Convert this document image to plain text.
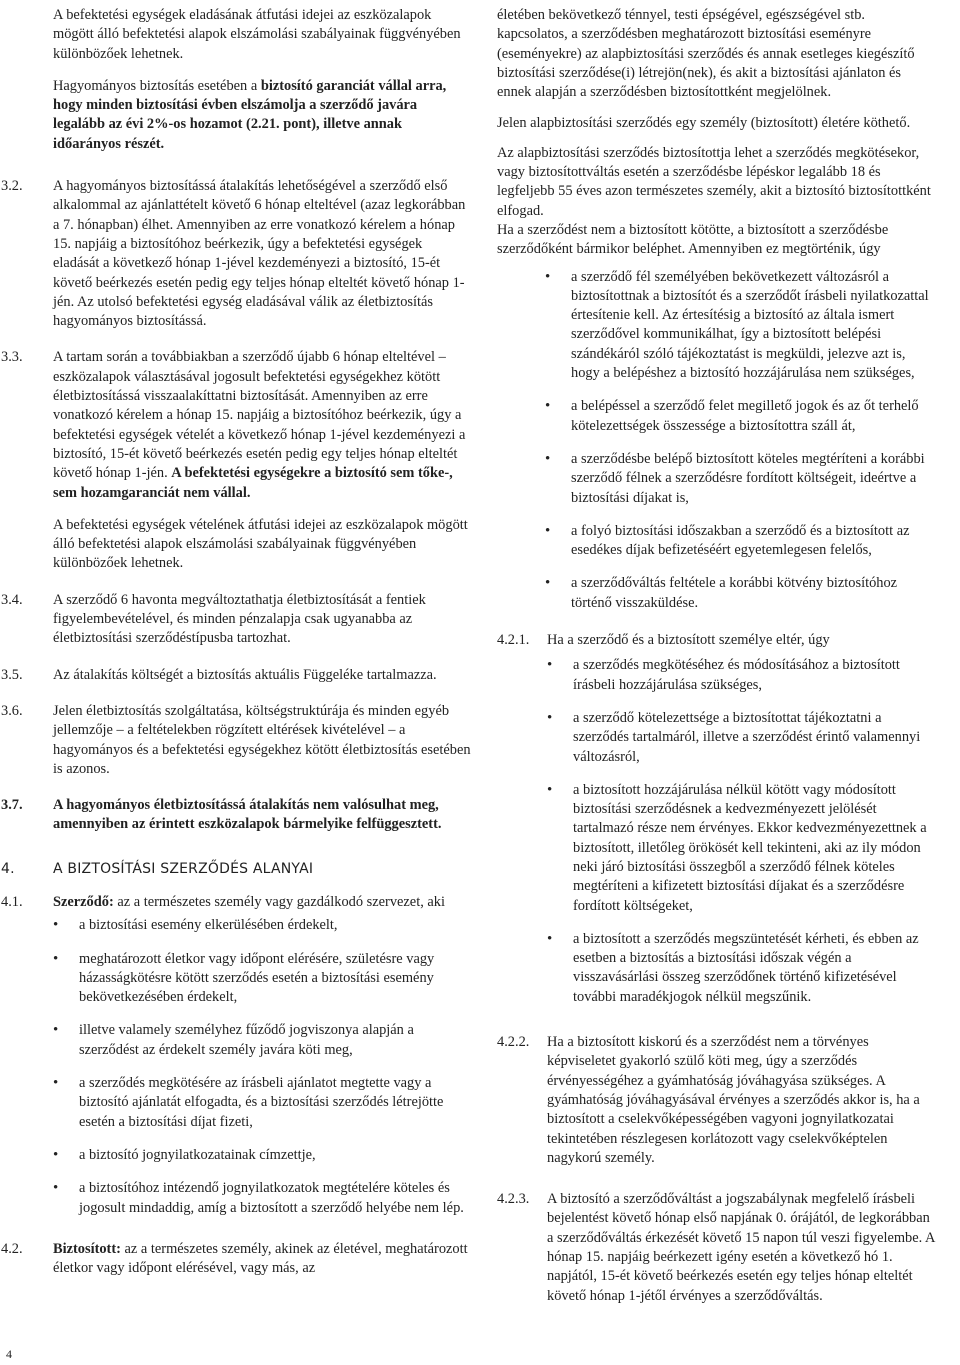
A befektetési egységek eladásának átfutási idejei az eszközalapok mögött álló befektetési alapok elszámolási szabályainak függvényében különbözőek lehetnek.

Hagyományos biztosítás esetében a biztosító garanciát vállal arra, hogy minden biztosítási évben elszámolja a szerződő javára legalább az évi 2%-os hozamot (2.21. pont), illetve annak időarányos részét.

3.2.	A hagyományos biztosítássá átalakítás lehetőségével a szerződő első alkalommal az ajánlattételt követő 6 hónap elteltével (azaz legkorábban a 7. hónapban) élhet. Amennyiben az erre vonatkozó kérelem a hónap 15. napjáig a biztosítóhoz beérkezik, úgy a befektetési egységek eladását a következő hónap 1-jével kezdeményezi a biztosító, 15-ét követő beérkezés esetén pedig egy teljes hónap elteltét követő hónap 1-jén. Az utolsó befektetési egység eladásával válik az életbiztosítás hagyományos biztosítássá.
3.3.	A tartam során a továbbiakban a szerződő újabb 6 hónap elteltével – eszközalapok választásával jogosult befektetési egységekhez kötött életbiztosítássá visszaalakíttatni biztosítását. Amennyiben az erre vonatkozó kérelem a hónap 15. napjáig a biztosítóhoz beérkezik, úgy a befektetési egységek vételét a következő hónap 1-jével kezdeményezi a biztosító, 15-ét követő beérkezés esetén pedig egy teljes hónap elteltét követő hónap 1-jén. A befektetési egységekre a biztosító sem tőke-, sem hozamgaranciát nem vállal.

A befektetési egységek vételének átfutási idejei az eszközalapok mögött álló befektetési alapok elszámolási szabályainak függvényében különbözőek lehetnek.

3.4.	A szerződő 6 havonta megváltoztathatja életbiztosítását a fentiek figyelembevételével, és minden pénzalapja csak ugyanabba az életbiztosítási szerződéstípusba tartozhat.
3.5.	Az átalakítás költségét a biztosítás aktuális Függeléke tartalmazza.
3.6.	Jelen életbiztosítás szolgáltatása, költségstruktúrája és minden egyéb jellemzője – a feltételekben rögzített eltérések kivételével – a hagyományos és a befektetési egységekhez kötött életbiztosítás esetében is azonos.
3.7.	A hagyományos életbiztosítássá átalakítás nem valósulhat meg, amennyiben az érintett eszközalapok bármelyike felfüggesztett.
4.	A BIZTOSÍTÁSI SZERZŐDÉS ALANYAI
4.1.	Szerződő: az a természetes személy vagy gazdálkodó szervezet, aki

• a biztosítási esemény elkerülésében érdekelt,
• meghatározott életkor vagy időpont elérésére, születésre vagy házasságkötésre kötött szerződés esetén a biztosítási esemény bekövetkezésében érdekelt,
• illetve valamely személyhez fűződő jogviszonya alapján a szerződést az érdekelt személy javára köti meg,
• a szerződés megkötésére az írásbeli ajánlatot megtette vagy a biztosító ajánlatát elfogadta, és a biztosítási szerződés létrejötte esetén a biztosítási díjat fizeti,
• a biztosító jognyilatkozatainak címzettje,
• a biztosítóhoz intézendő jognyilatkozatok megtételére köteles és jogosult mindaddig, amíg a biztosított a szerződő helyébe nem lép.
4.2.	Biztosított: az a természetes személy, akinek az életével, meghatározott életkor vagy időpont elérésével, vagy más, az

életében bekövetkező ténnyel, testi épségével, egészségével stb. kapcsolatos, a szerződésben meghatározott biztosítási eseményre (eseményekre) az alapbiztosítási szerződés és annak esetleges kiegészítő biztosítási szerződése(i) létrejön(nek), és akit a biztosítási ajánlaton és ennek alapján a szerződésben biztosítottként megjelölnek.

Jelen alapbiztosítási szerződés egy személy (biztosított) életére köthető.

Az alapbiztosítási szerződés biztosítottja lehet a szerződés megkötésekor, vagy biztosítottváltás esetén a szerződésbe lépéskor legalább 18 és legfeljebb 55 éves azon természetes személy, akit a biztosító biztosítottként elfogad.

Ha a szerződést nem a biztosított kötötte, a biztosított a szerződésbe szerződőként bármikor beléphet. Amennyiben ez megtörténik, úgy

• a szerződő fél személyében bekövetkezett változásról a biztosítottnak a biztosítót és a szerződőt írásbeli nyilatkozattal értesítenie kell. Az értesítésig a biztosító az általa ismert szerződővel kommunikálhat, így a biztosított belépési szándékáról szóló tájékoztatást is megküldi, jelezve azt is, hogy a belépéshez a biztosító hozzájárulása nem szükséges,
• a belépéssel a szerződő felet megillető jogok és az őt terhelő kötelezettségek összessége a biztosítottra száll át,
• a szerződésbe belépő biztosított köteles megtéríteni a korábbi szerződő félnek a szerződésre fordított költségeit, ideértve a biztosítási díjakat is,
• a folyó biztosítási időszakban a szerződő és a biztosított az esedékes díjak befizetéséért egyetemlegesen felelős,
• a szerződőváltás feltétele a korábbi kötvény biztosítóhoz történő visszaküldése.
4.2.1.	Ha a szerződő és a biztosított személye eltér, úgy

• a szerződés megkötéséhez és módosításához a biztosított írásbeli hozzájárulása szükséges,
• a szerződő kötelezettsége a biztosítottat tájékoztatni a szerződés tartalmáról, illetve a szerződést érintő valamennyi változásról,
• a biztosított hozzájárulása nélkül kötött vagy módosított biztosítási szerződésnek a kedvezményezett jelölését tartalmazó része nem érvényes. Ekkor kedvezményezettnek a biztosított, illetőleg örökösét kell tekinteni, aki az ily módon neki járó biztosítási összegből a szerződő félnek köteles megtéríteni a kifizetett biztosítási díjakat és a szerződésre fordított költségeket,
• a biztosított a szerződés megszüntetését kérheti, és ebben az esetben a biztosítás a biztosítási időszak végén a visszavásárlási összeg szerződőnek történő kifizetésével további maradékjogok nélkül megszűnik.
4.2.2.	Ha a biztosított kiskorú és a szerződést nem a törvényes képviseletet gyakorló szülő köti meg, úgy a szerződés érvényességéhez a gyámhatóság jóváhagyása szükséges. A gyámhatóság jóváhagyásával érvényes a szerződés akkor is, ha a biztosított a cselekvőképességében vagyoni jognyilatkozatai tekintetében részlegesen korlátozott vagy cselekvőképtelen nagykorú személy.
4.2.3.	A biztosító a szerződőváltást a jogszabálynak megfelelő írásbeli bejelentést követő hónap első napjának 0. órájától, de legkorábban a szerződőváltás érkezését követő 15 napon túl veszi figyelembe. A hónap 15. napjáig beérkezett igény esetén a következő hó 1. napjától, 15-ét követő beérkezés esetén egy teljes hónap elteltét követő hónap 1-jétől érvényes a szerződőváltás.
4
